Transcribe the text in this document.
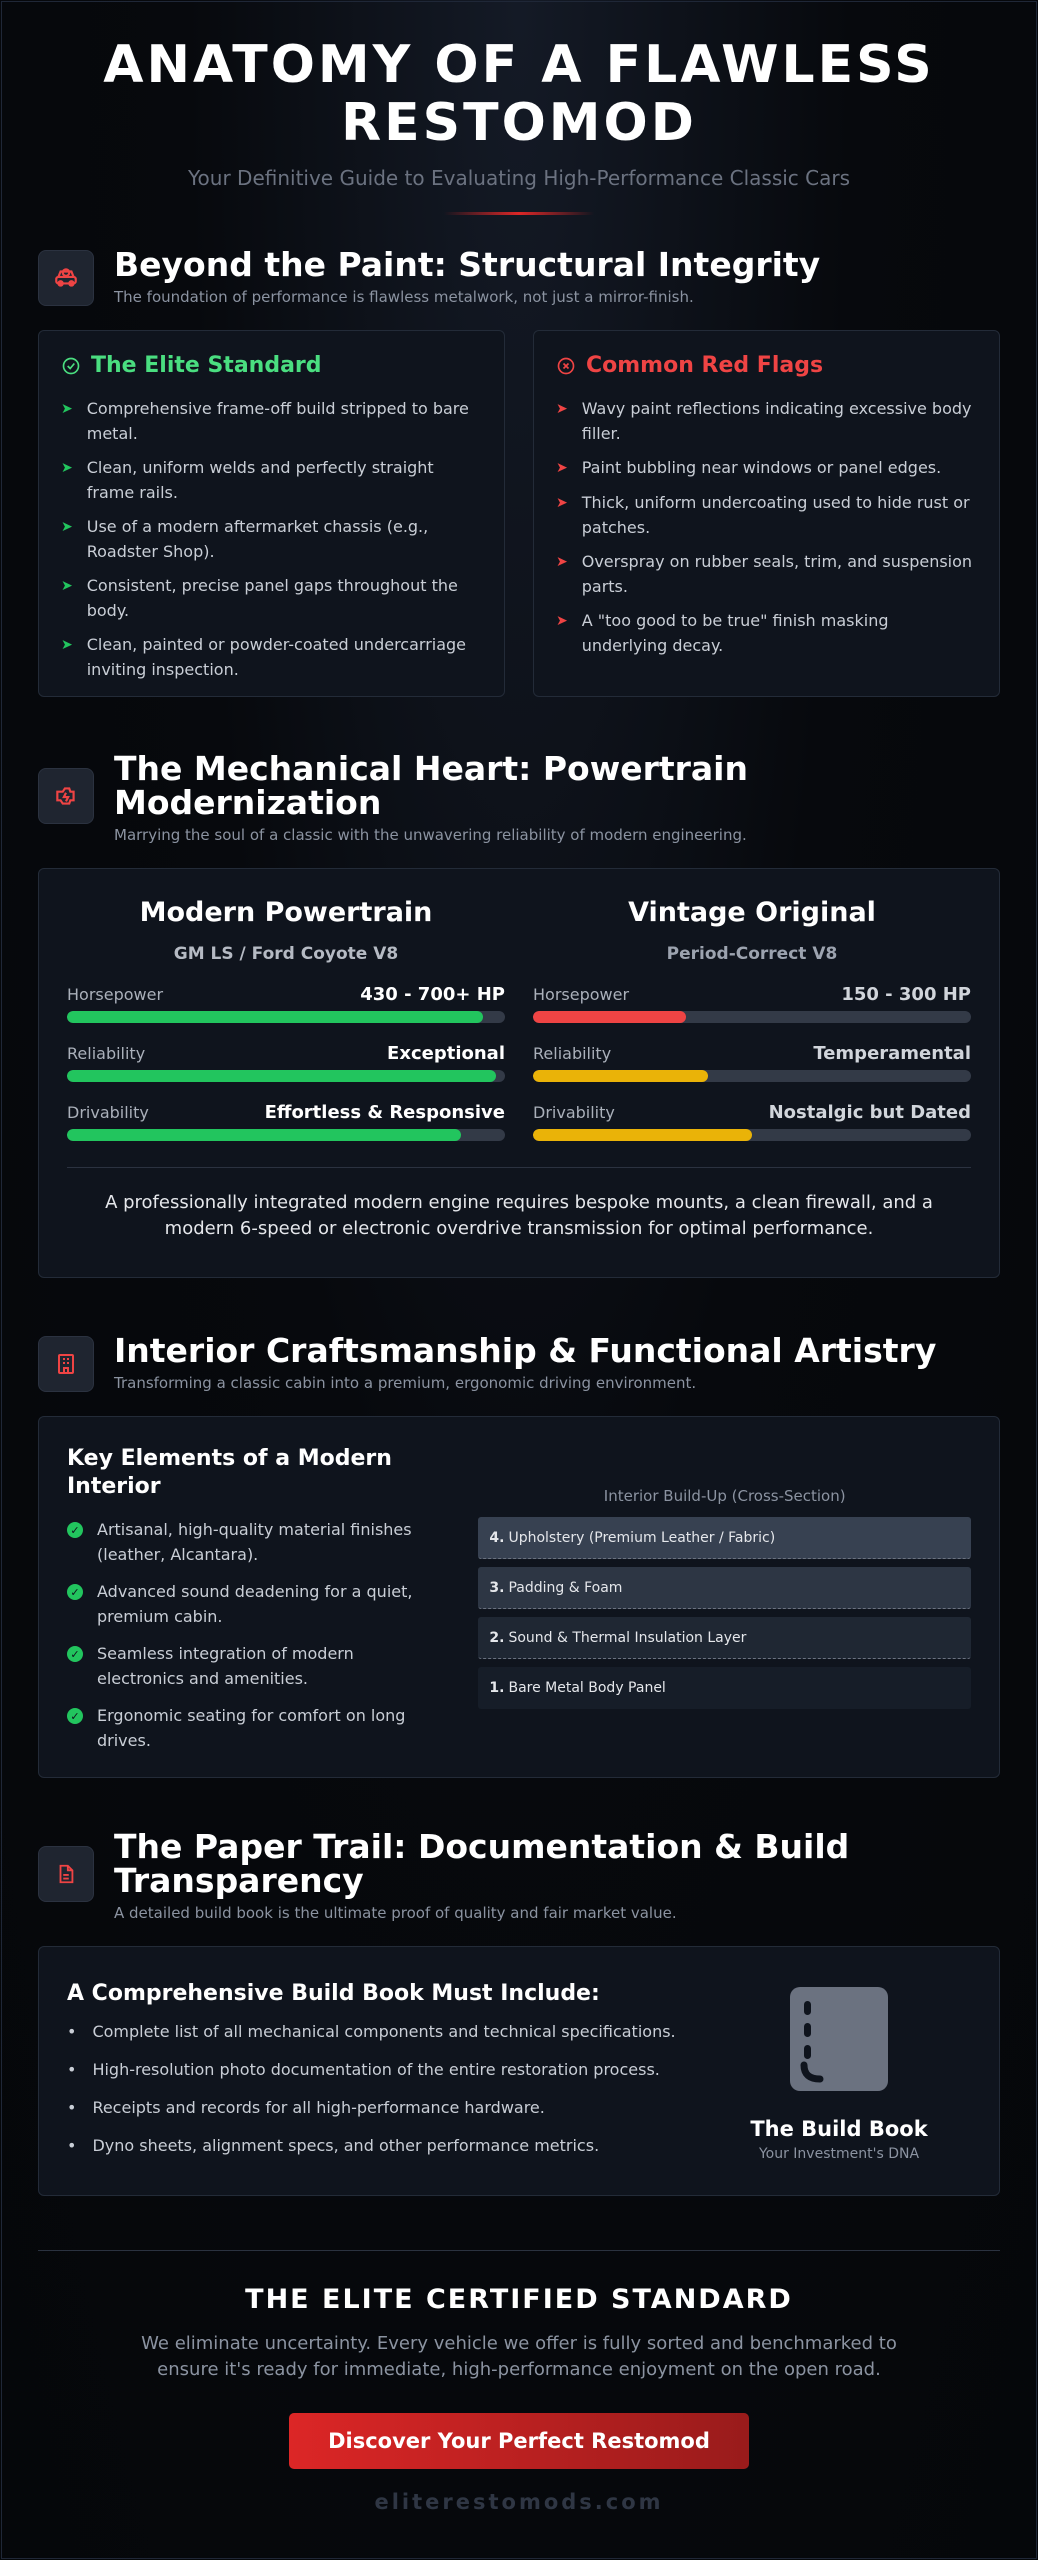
ANATOMY OF A FLAWLESS RESTOMOD
Your Definitive Guide to Evaluating High-Performance Classic Cars
Beyond the Paint: Structural Integrity
The foundation of performance is flawless metalwork, not just a mirror-finish.
The Elite Standard
➤ Comprehensive frame-off build stripped to bare metal.
➤ Clean, uniform welds and perfectly straight frame rails.
➤ Use of a modern aftermarket chassis (e.g., Roadster Shop).
➤ Consistent, precise panel gaps throughout the body.
➤ Clean, painted or powder-coated undercarriage inviting inspection.
Common Red Flags
➤ Wavy paint reflections indicating excessive body filler.
➤ Paint bubbling near windows or panel edges.
➤ Thick, uniform undercoating used to hide rust or patches.
➤ Overspray on rubber seals, trim, and suspension parts.
➤ A "too good to be true" finish masking underlying decay.
The Mechanical Heart: Powertrain Modernization
Marrying the soul of a classic with the unwavering reliability of modern engineering.
Modern Powertrain
GM LS / Ford Coyote V8
Horsepower	430 - 700+ HP
Reliability	Exceptional
Drivability	Effortless & Responsive
Vintage Original
Period-Correct V8
Horsepower	150 - 300 HP
Reliability	Temperamental
Drivability	Nostalgic but Dated
A professionally integrated modern engine requires bespoke mounts, a clean firewall, and a modern 6-speed or electronic overdrive transmission for optimal performance.
Interior Craftsmanship & Functional Artistry
Transforming a classic cabin into a premium, ergonomic driving environment.
Key Elements of a Modern Interior
✓ Artisanal, high-quality material finishes (leather, Alcantara).
✓ Advanced sound deadening for a quiet, premium cabin.
✓ Seamless integration of modern electronics and amenities.
✓ Ergonomic seating for comfort on long drives.
Interior Build-Up (Cross-Section)
4. Upholstery (Premium Leather / Fabric)
3. Padding & Foam
2. Sound & Thermal Insulation Layer
1. Bare Metal Body Panel
The Paper Trail: Documentation & Build Transparency
A detailed build book is the ultimate proof of quality and fair market value.
A Comprehensive Build Book Must Include:
• Complete list of all mechanical components and technical specifications.
• High-resolution photo documentation of the entire restoration process.
• Receipts and records for all high-performance hardware.
• Dyno sheets, alignment specs, and other performance metrics.
The Build Book
Your Investment's DNA
THE ELITE CERTIFIED STANDARD

We eliminate uncertainty. Every vehicle we offer is fully sorted and benchmarked to ensure it's ready for immediate, high-performance enjoyment on the open road.

Discover Your Perfect Restomod
eliterestomods.com
